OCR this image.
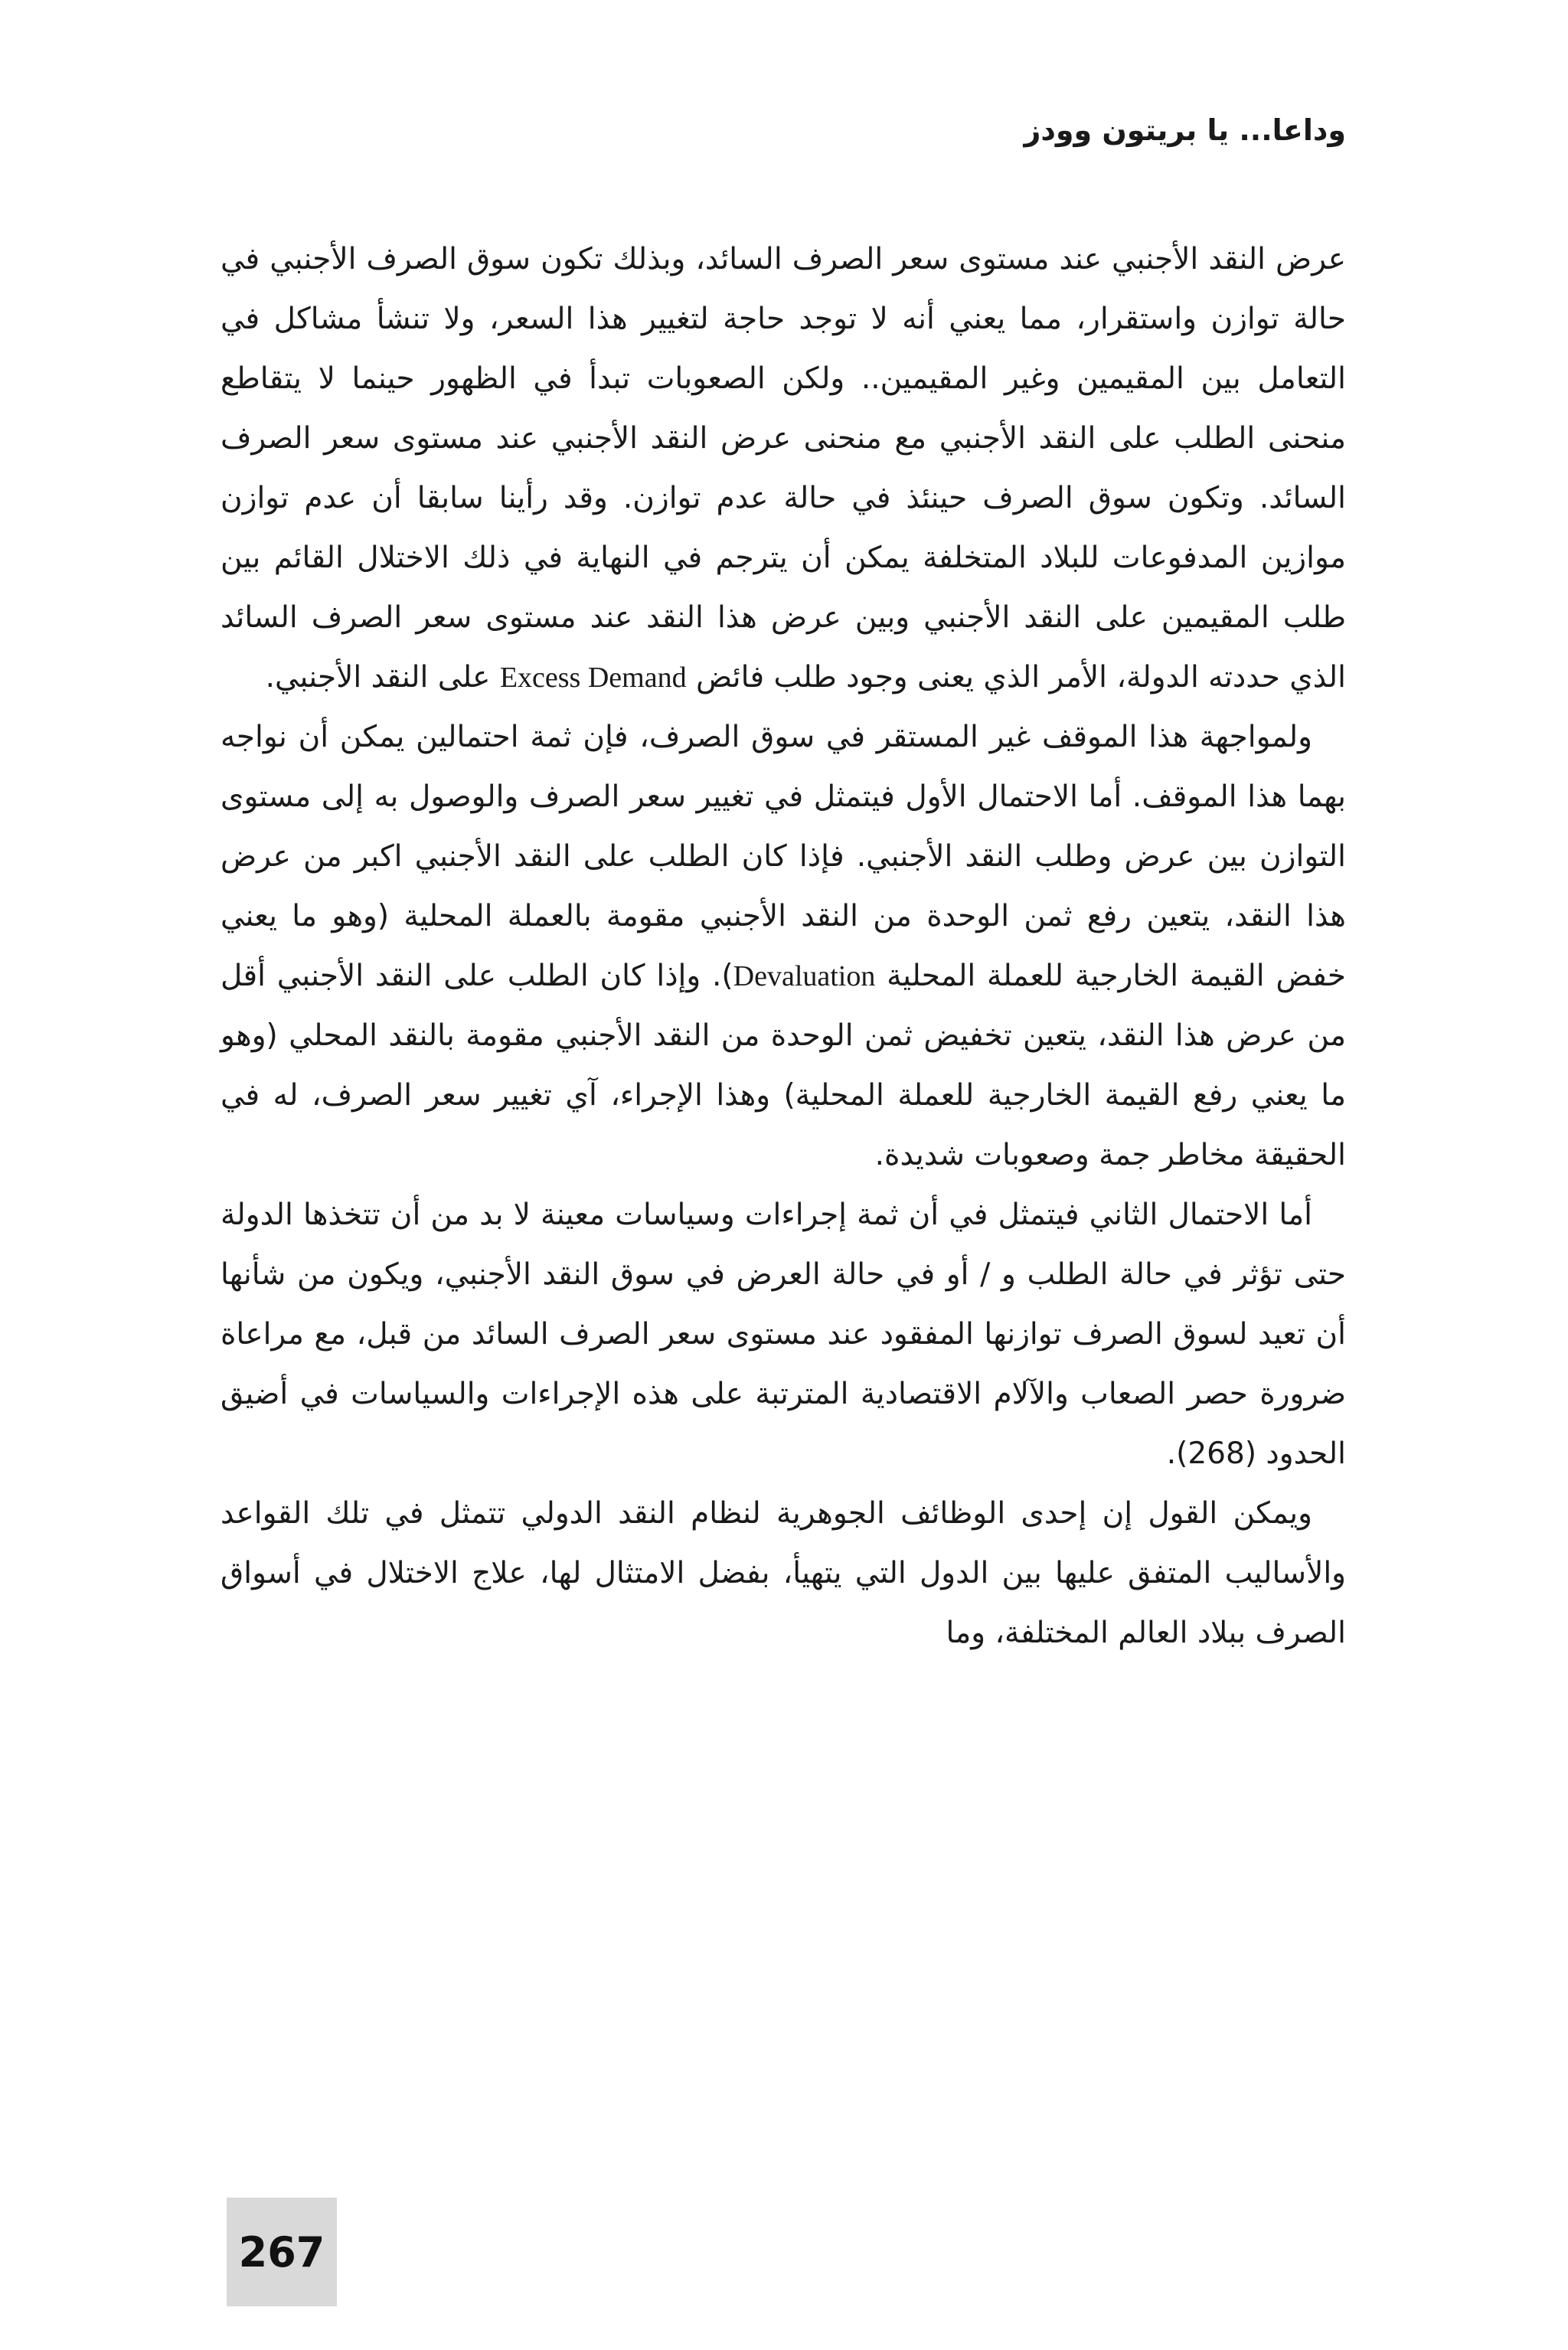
وداعا... يا بريتون وودز

عرض النقد الأجنبي عند مستوى سعر الصرف السائد، وبذلك تكون سوق الصرف الأجنبي في حالة توازن واستقرار، مما يعني أنه لا توجد حاجة لتغيير هذا السعر، ولا تنشأ مشاكل في التعامل بين المقيمين وغير المقيمين.. ولكن الصعوبات تبدأ في الظهور حينما لا يتقاطع منحنى الطلب على النقد الأجنبي مع منحنى عرض النقد الأجنبي عند مستوى سعر الصرف السائد. وتكون سوق الصرف حينئذ في حالة عدم توازن. وقد رأينا سابقا أن عدم توازن موازين المدفوعات للبلاد المتخلفة يمكن أن يترجم في النهاية في ذلك الاختلال القائم بين طلب المقيمين على النقد الأجنبي وبين عرض هذا النقد عند مستوى سعر الصرف السائد الذي حددته الدولة، الأمر الذي يعنى وجود طلب فائض Excess Demand على النقد الأجنبي.

ولمواجهة هذا الموقف غير المستقر في سوق الصرف، فإن ثمة احتمالين يمكن أن نواجه بهما هذا الموقف. أما الاحتمال الأول فيتمثل في تغيير سعر الصرف والوصول به إلى مستوى التوازن بين عرض وطلب النقد الأجنبي. فإذا كان الطلب على النقد الأجنبي اكبر من عرض هذا النقد، يتعين رفع ثمن الوحدة من النقد الأجنبي مقومة بالعملة المحلية (وهو ما يعني خفض القيمة الخارجية للعملة المحلية Devaluation). وإذا كان الطلب على النقد الأجنبي أقل من عرض هذا النقد، يتعين تخفيض ثمن الوحدة من النقد الأجنبي مقومة بالنقد المحلي (وهو ما يعني رفع القيمة الخارجية للعملة المحلية) وهذا الإجراء، آي تغيير سعر الصرف، له في الحقيقة مخاطر جمة وصعوبات شديدة.

أما الاحتمال الثاني فيتمثل في أن ثمة إجراءات وسياسات معينة لا بد من أن تتخذها الدولة حتى تؤثر في حالة الطلب و / أو في حالة العرض في سوق النقد الأجنبي، ويكون من شأنها أن تعيد لسوق الصرف توازنها المفقود عند مستوى سعر الصرف السائد من قبل، مع مراعاة ضرورة حصر الصعاب والآلام الاقتصادية المترتبة على هذه الإجراءات والسياسات في أضيق الحدود (268).

ويمكن القول إن إحدى الوظائف الجوهرية لنظام النقد الدولي تتمثل في تلك القواعد والأساليب المتفق عليها بين الدول التي يتهيأ، بفضل الامتثال لها، علاج الاختلال في أسواق الصرف ببلاد العالم المختلفة، وما

267
